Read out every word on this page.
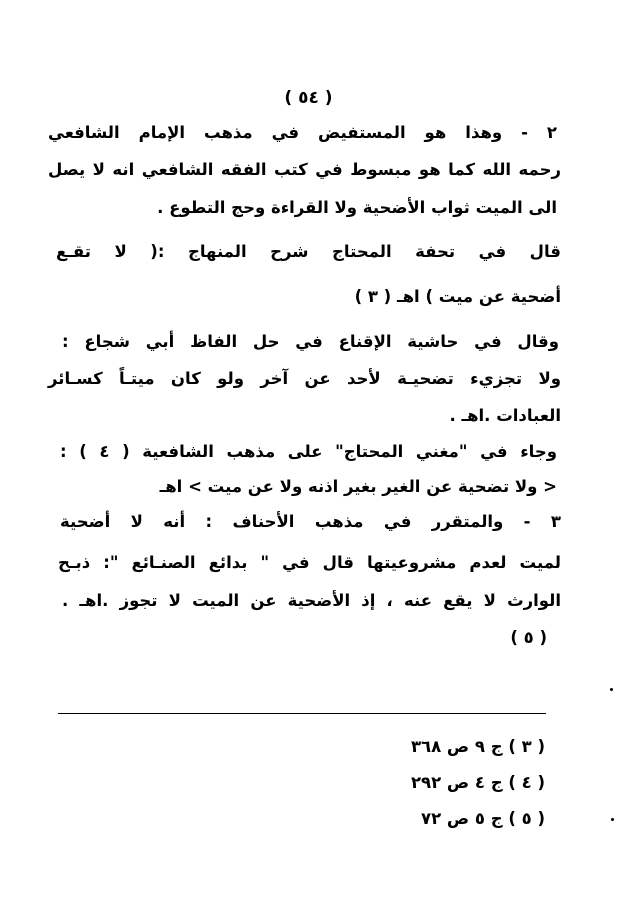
( ٥٤ )
٢ - وهذا هو المستفيض في مذهب الإمام الشافعي
رحمه الله كما هو مبسوط في كتب الفقه الشافعي انه لا يصل
الى الميت ثواب الأضحية ولا القراءة وحج التطوع .
قال في تحفة المحتاج شرح المنهاج :( لا تقـع
أضحية عن ميت ) اهـ ( ٣ )
وقال في حاشية الإقناع في حل الفاظ أبي شجاع :
ولا تجزيء تضحيـة لأحد عن آخر ولو كان ميتـاً كسـائر
العبادات .اهـ .
وجاء في "مغني المحتاج" على مذهب الشافعية ( ٤ ) :
< ولا تضحية عن الغير بغير اذنه ولا عن ميت > اهـ
٣ - والمتقرر في مذهب الأحناف : أنه لا أضحية
لميت لعدم مشروعيتها قال في " بدائع الصنـائع ": ذبـح
الوارث لا يقع عنه ، إذ الأضحية عن الميت لا تجوز .اهـ .
( ٥ )
( ٣ ) ج ٩ ص ٣٦٨
( ٤ ) ج ٤ ص ٢٩٢
( ٥ ) ج ٥ ص ٧٢
